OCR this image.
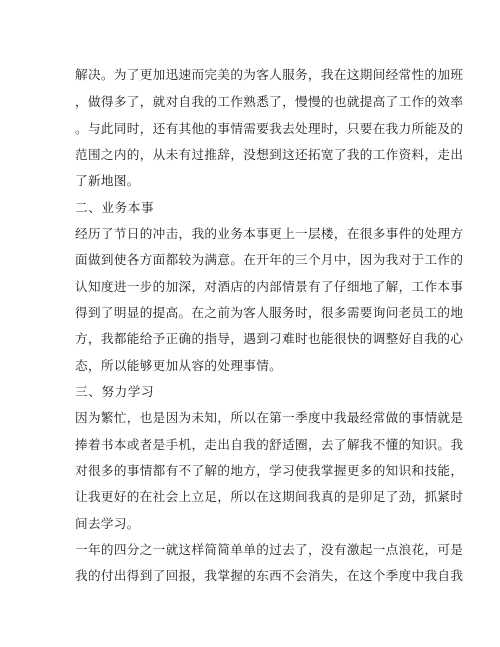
解决。为了更加迅速而完美的为客人服务，我在这期间经常性的加班
，做得多了，就对自我的工作熟悉了，慢慢的也就提高了工作的效率
。与此同时，还有其他的事情需要我去处理时，只要在我力所能及的
范围之内的，从未有过推辞，没想到这还拓宽了我的工作资料，走出
了新地图。
二、业务本事
经历了节日的冲击，我的业务本事更上一层楼，在很多事件的处理方
面做到使各方面都较为满意。在开年的三个月中，因为我对于工作的
认知度进一步的加深，对酒店的内部情景有了仔细地了解，工作本事
得到了明显的提高。在之前为客人服务时，很多需要询问老员工的地
方，我都能给予正确的指导，遇到刁难时也能很快的调整好自我的心
态，所以能够更加从容的处理事情。
三、努力学习
因为繁忙，也是因为未知，所以在第一季度中我最经常做的事情就是
捧着书本或者是手机，走出自我的舒适圈，去了解我不懂的知识。我
对很多的事情都有不了解的地方，学习使我掌握更多的知识和技能，
让我更好的在社会上立足，所以在这期间我真的是卯足了劲，抓紧时
间去学习。
一年的四分之一就这样简简单单的过去了，没有激起一点浪花，可是
我的付出得到了回报，我掌握的东西不会消失，在这个季度中我自我
